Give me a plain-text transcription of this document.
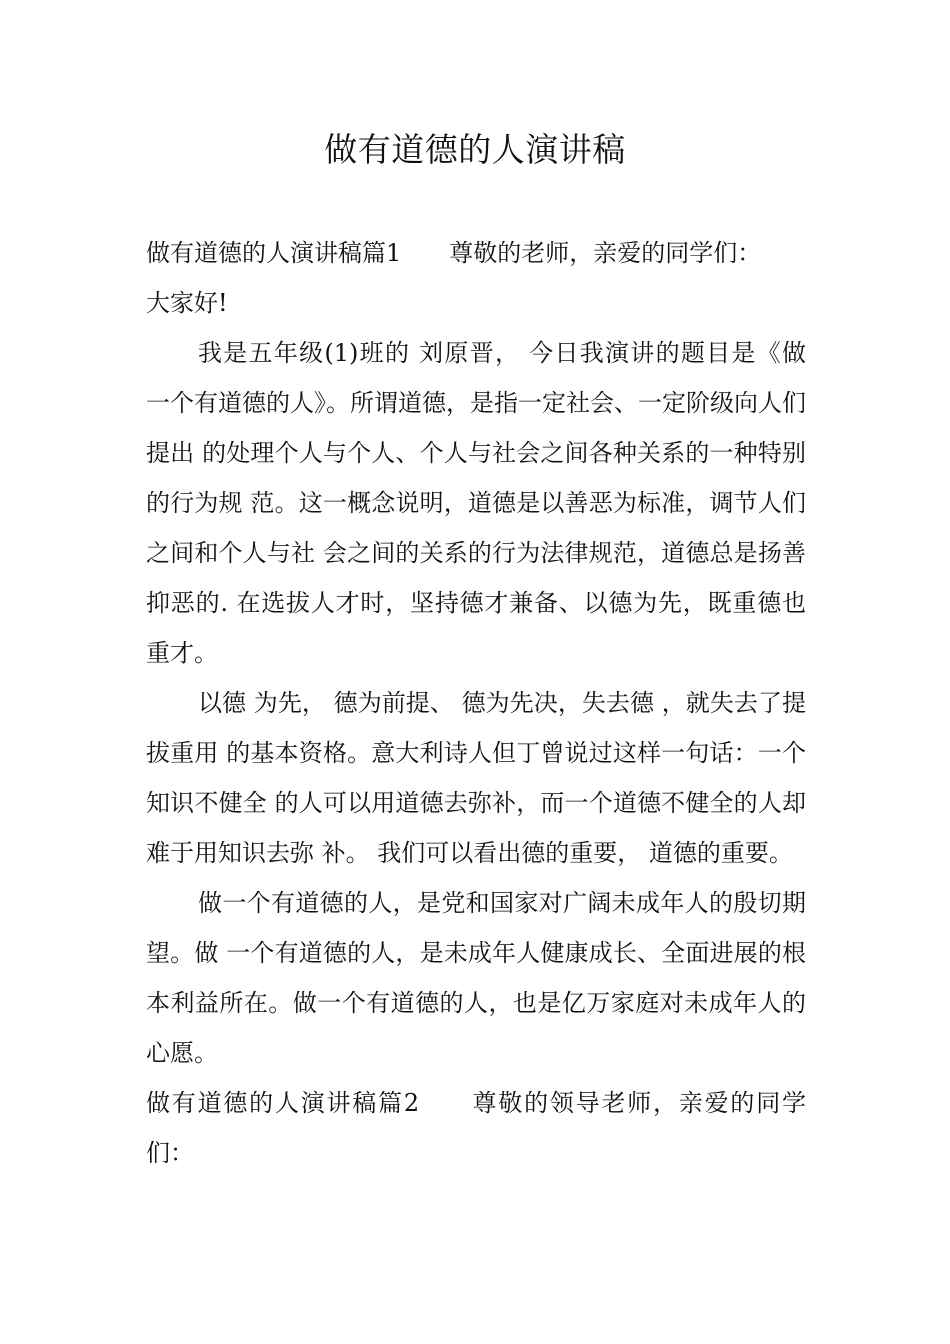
做有道德的人演讲稿

做有道德的人演讲稿篇1　　尊敬的老师，亲爱的同学们：

大家好!

我是五年级(1)班的 刘原晋， 今日我演讲的题目是《做 一个有道德的人》。所谓道德，是指一定社会、一定阶级向人们提出 的处理个人与个人、个人与社会之间各种关系的一种特别的行为规 范。这一概念说明，道德是以善恶为标准，调节人们之间和个人与社 会之间的关系的行为法律规范，道德总是扬善抑恶的. 在选拔人才时，坚持德才兼备、以德为先，既重德也重才。

以德 为先， 德为前提、 德为先决，失去德 ，就失去了提拔重用 的基本资格。意大利诗人但丁曾说过这样一句话：一个知识不健全 的人可以用道德去弥补，而一个道德不健全的人却难于用知识去弥 补。 我们可以看出德的重要， 道德的重要。

做一个有道德的人，是党和国家对广阔未成年人的殷切期望。做 一个有道德的人，是未成年人健康成长、全面进展的根本利益所在。做一个有道德的人，也是亿万家庭对未成年人的心愿。

做有道德的人演讲稿篇2　　尊敬的领导老师，亲爱的同学们：
